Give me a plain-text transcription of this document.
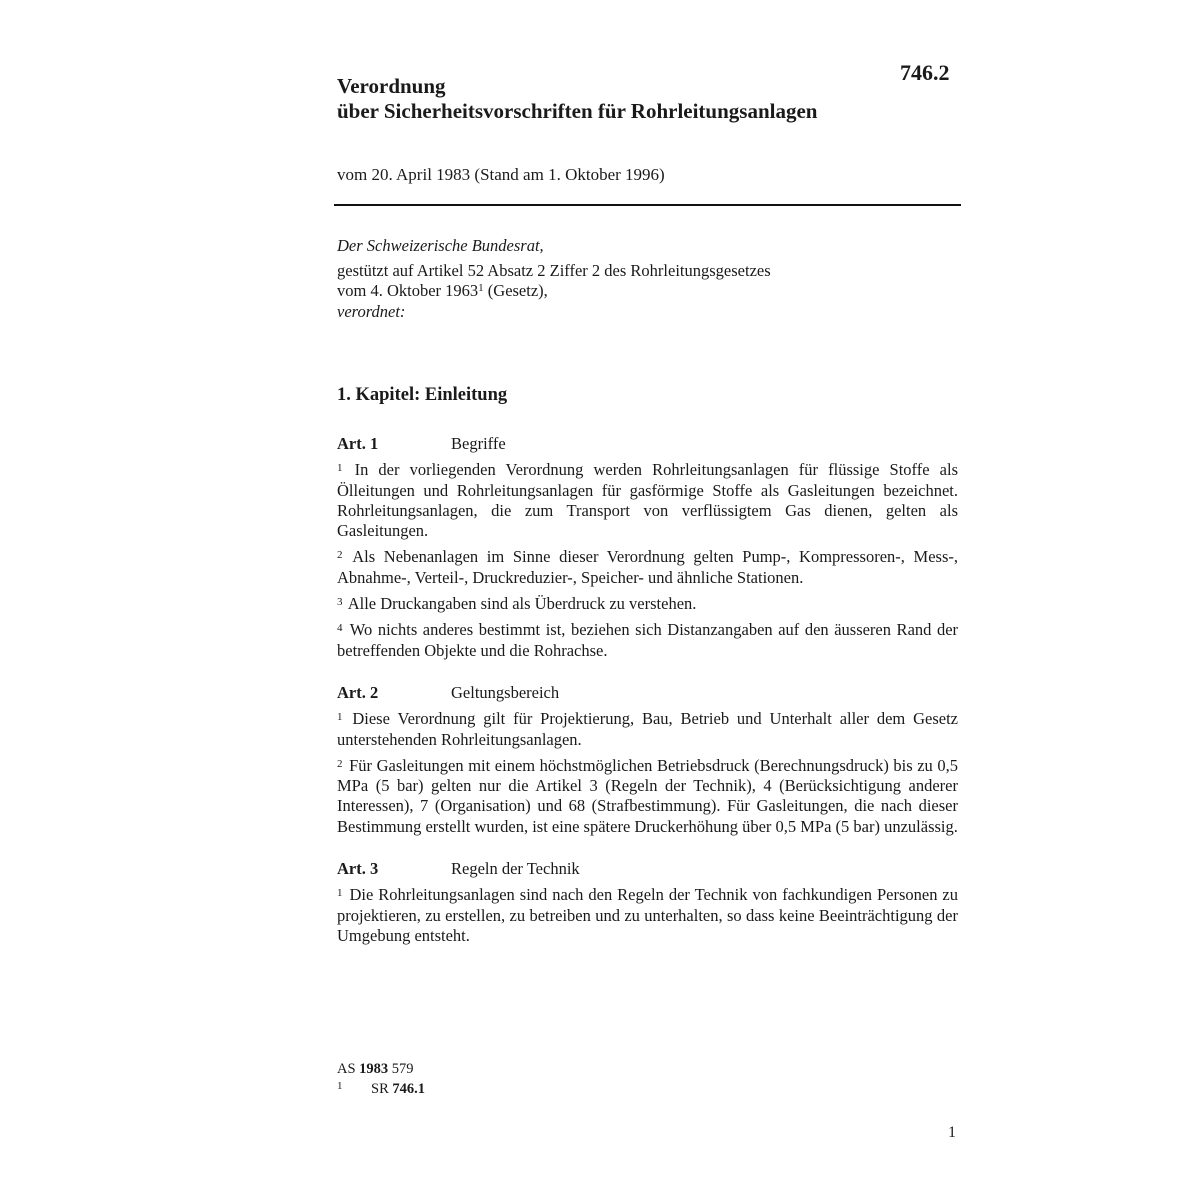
746.2
Verordnung
über Sicherheitsvorschriften für Rohrleitungsanlagen
vom 20. April 1983 (Stand am 1. Oktober 1996)
Der Schweizerische Bundesrat,
gestützt auf Artikel 52 Absatz 2 Ziffer 2 des Rohrleitungsgesetzes
vom 4. Oktober 1963$^1$ (Gesetz),
verordnet:
1. Kapitel: Einleitung
Art. 1	Begriffe
$^1$ In der vorliegenden Verordnung werden Rohrleitungsanlagen für flüssige Stoffe als Ölleitungen und Rohrleitungsanlagen für gasförmige Stoffe als Gasleitungen bezeichnet. Rohrleitungsanlagen, die zum Transport von verflüssigtem Gas dienen, gelten als Gasleitungen.
$^2$ Als Nebenanlagen im Sinne dieser Verordnung gelten Pump-, Kompressoren-, Mess-, Abnahme-, Verteil-, Druckreduzier-, Speicher- und ähnliche Stationen.
$^3$ Alle Druckangaben sind als Überdruck zu verstehen.
$^4$ Wo nichts anderes bestimmt ist, beziehen sich Distanzangaben auf den äusseren Rand der betreffenden Objekte und die Rohrachse.
Art. 2	Geltungsbereich
$^1$ Diese Verordnung gilt für Projektierung, Bau, Betrieb und Unterhalt aller dem Gesetz unterstehenden Rohrleitungsanlagen.
$^2$ Für Gasleitungen mit einem höchstmöglichen Betriebsdruck (Berechnungsdruck) bis zu 0,5 MPa (5 bar) gelten nur die Artikel 3 (Regeln der Technik), 4 (Berücksichtigung anderer Interessen), 7 (Organisation) und 68 (Strafbestimmung). Für Gasleitungen, die nach dieser Bestimmung erstellt wurden, ist eine spätere Druckerhöhung über 0,5 MPa (5 bar) unzulässig.
Art. 3	Regeln der Technik
$^1$ Die Rohrleitungsanlagen sind nach den Regeln der Technik von fachkundigen Personen zu projektieren, zu erstellen, zu betreiben und zu unterhalten, so dass keine Beeinträchtigung der Umgebung entsteht.
AS 1983 579
1 SR 746.1
1
